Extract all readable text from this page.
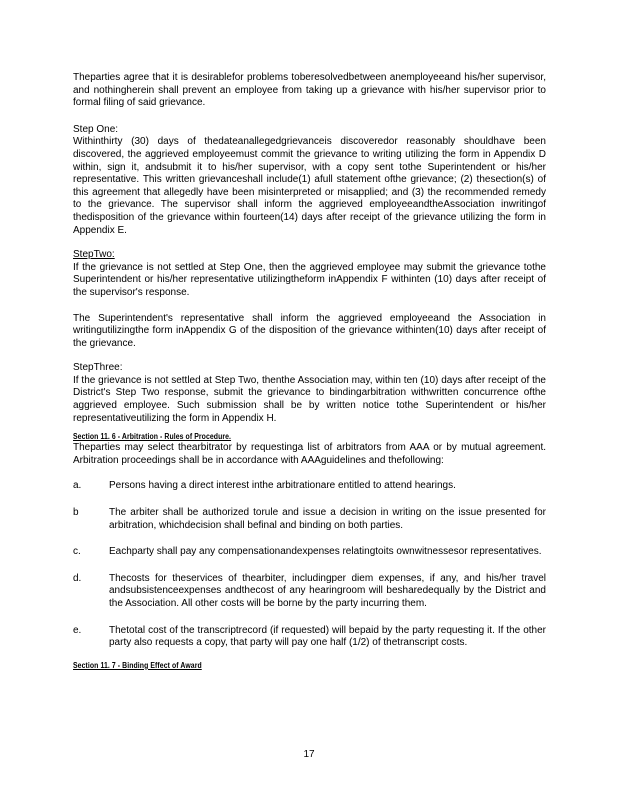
Theparties agree that it is desirablefor problems toberesolvedbetween anemployeeand his/her supervisor, and nothingherein shall prevent an employee from taking up a grievance with his/her supervisor prior to formal filing of said grievance.

Step One:

Withinthirty (30) days of thedateanallegedgrievanceis discoveredor reasonably shouldhave been discovered, the aggrieved employeemust commit the grievance to writing utilizing the form in Appendix D within, sign it, andsubmit it to his/her supervisor, with a copy sent tothe Superintendent or his/her representative. This written grievanceshall include(1) afull statement ofthe grievance; (2) thesection(s) of this agreement that allegedly have been misinterpreted or misapplied; and (3) the recommended remedy to the grievance. The supervisor shall inform the aggrieved employeeandtheAssociation inwritingof thedisposition of the grievance within fourteen(14) days after receipt of the grievance utilizing the form in Appendix E.

StepTwo:

If the grievance is not settled at Step One, then the aggrieved employee may submit the grievance tothe Superintendent or his/her representative utilizingtheform inAppendix F withinten (10) days after receipt of the supervisor's response.

The Superintendent's representative shall inform the aggrieved employeeand the Association in writingutilizingthe form inAppendix G of the disposition of the grievance withinten(10) days after receipt of the grievance.

StepThree:

If the grievance is not settled at Step Two, thenthe Association may, within ten (10) days after receipt of the District's Step Two response, submit the grievance to bindingarbitration withwritten concurrence ofthe aggrieved employee. Such submission shall be by written notice tothe Superintendent or his/her representativeutilizing the form in Appendix H.

Section 11. 6 - Arbitration - Rules of Procedure.

Theparties may select thearbitrator by requestinga list of arbitrators from AAA or by mutual agreement. Arbitration proceedings shall be in accordance with AAAguidelines and thefollowing:

a.	Persons having a direct interest inthe arbitrationare entitled to attend hearings.
b	The arbiter shall be authorized torule and issue a decision in writing on the issue presented for arbitration, whichdecision shall befinal and binding on both parties.
c.	Eachparty shall pay any compensationandexpenses relatingtoits ownwitnessesor representatives.
d.	Thecosts for theservices of thearbiter, includingper diem expenses, if any, and his/her travel andsubsistenceexpenses andthecost of any hearingroom will besharedequally by the District and the Association. All other costs will be borne by the party incurring them.
e.	Thetotal cost of the transcriptrecord (if requested) will bepaid by the party requesting it. If the other party also requests a copy, that party will pay one half (1/2) of thetranscript costs.

Section 11. 7 - Binding Effect of Award

17
